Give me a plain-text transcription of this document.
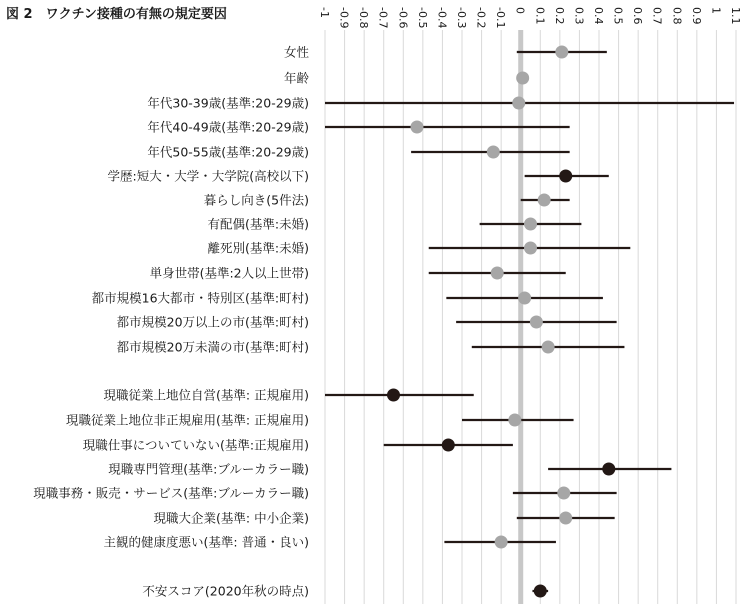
図 2　ワクチン接種の有無の規定要因	-1 -0.9 -0.8 -0.7 -0.6 -0.5 -0.4 -0.3 -0.2 -0.1 0 0.1 0.2 0.3 0.4 0.5 0.6 0.7 0.8 0.9 1 1.1
女性
年齢
年代30-39歳(基準:20-29歳)
年代40-49歳(基準:20-29歳)
年代50-55歳(基準:20-29歳)
学歴:短大・大学・大学院(高校以下)
暮らし向き(5件法)
有配偶(基準:未婚)
離死別(基準:未婚)
単身世帯(基準:2人以上世帯)
都市規模16大都市・特別区(基準:町村)
都市規模20万以上の市(基準:町村)
都市規模20万未満の市(基準:町村)
現職従業上地位自営(基準: 正規雇用)
現職従業上地位非正規雇用(基準: 正規雇用)
現職仕事についていない(基準:正規雇用)
現職専門管理(基準:ブルーカラー職)
現職事務・販売・サービス(基準:ブルーカラー職)
現職大企業(基準: 中小企業)
主観的健康度悪い(基準: 普通・良い)
不安スコア(2020年秋の時点)
